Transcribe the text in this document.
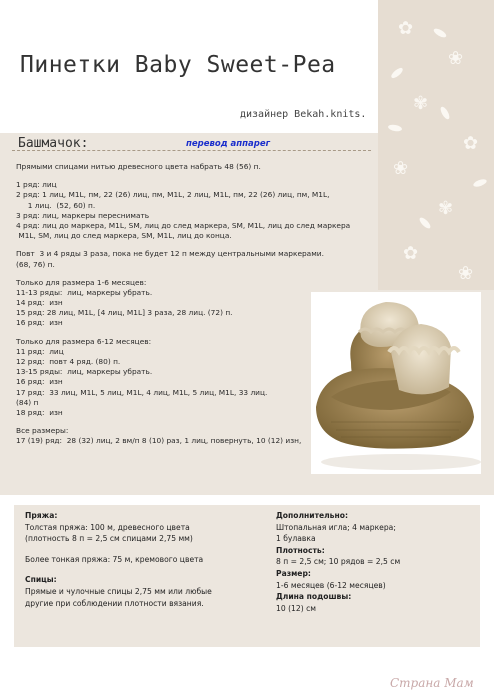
✿
❀
✾
✿
❀
✾
✿
❀
Пинетки Baby Sweet-Pea
дизайнер Bekah.knits.
Башмачок:	перевод аппарег
Прямыми спицами нитью древесного цвета набрать 48 (56) п.
1 ряд: лиц
2 ряд: 1 лиц, M1L, пм, 22 (26) лиц, пм, M1L, 2 лиц, M1L, пм, 22 (26) лиц, пм, M1L,
1 лиц.  (52, 60) п.
3 ряд: лиц, маркеры переснимать
4 ряд: лиц до маркера, M1L, SM, лиц до след маркера, SM, M1L, лиц до след маркера
M1L, SM, лиц до след маркера, SM, M1L, лиц до конца.
Повт  3 и 4 ряды 3 раза, пока не будет 12 п между центральными маркерами.
(68, 76) п.
Только для размера 1-6 месяцев:
11-13 ряды:  лиц, маркеры убрать.
14 ряд:  изн
15 ряд: 28 лиц, M1L, [4 лиц, M1L] 3 раза, 28 лиц. (72) п.
16 ряд:  изн
Только для размера 6-12 месяцев:
11 ряд:  лиц
12 ряд:  повт 4 ряд. (80) п.
13-15 ряды:  лиц, маркеры убрать.
16 ряд:  изн
17 ряд:  33 лиц, M1L, 5 лиц, M1L, 4 лиц, M1L, 5 лиц, M1L, 33 лиц.
(84) п
18 ряд:  изн
Все размеры:
17 (19) ряд:  28 (32) лиц, 2 вм/п 8 (10) раз, 1 лиц, повернуть, 10 (12) изн,
Пряжа:
Толстая пряжа: 100 м, древесного цвета
(плотность 8 п = 2,5 см спицами 2,75 мм)
Более тонкая пряжа: 75 м, кремового цвета
Спицы:
Прямые и чулочные спицы 2,75 мм или любые
другие при соблюдении плотности вязания.
Дополнительно:
Штопальная игла; 4 маркера;
1 булавка
Плотность:
8 п = 2,5 см; 10 рядов = 2,5 см
Размер:
1-6 месяцев (6-12 месяцев)
Длина подошвы:
10 (12) см
Страна Мам
